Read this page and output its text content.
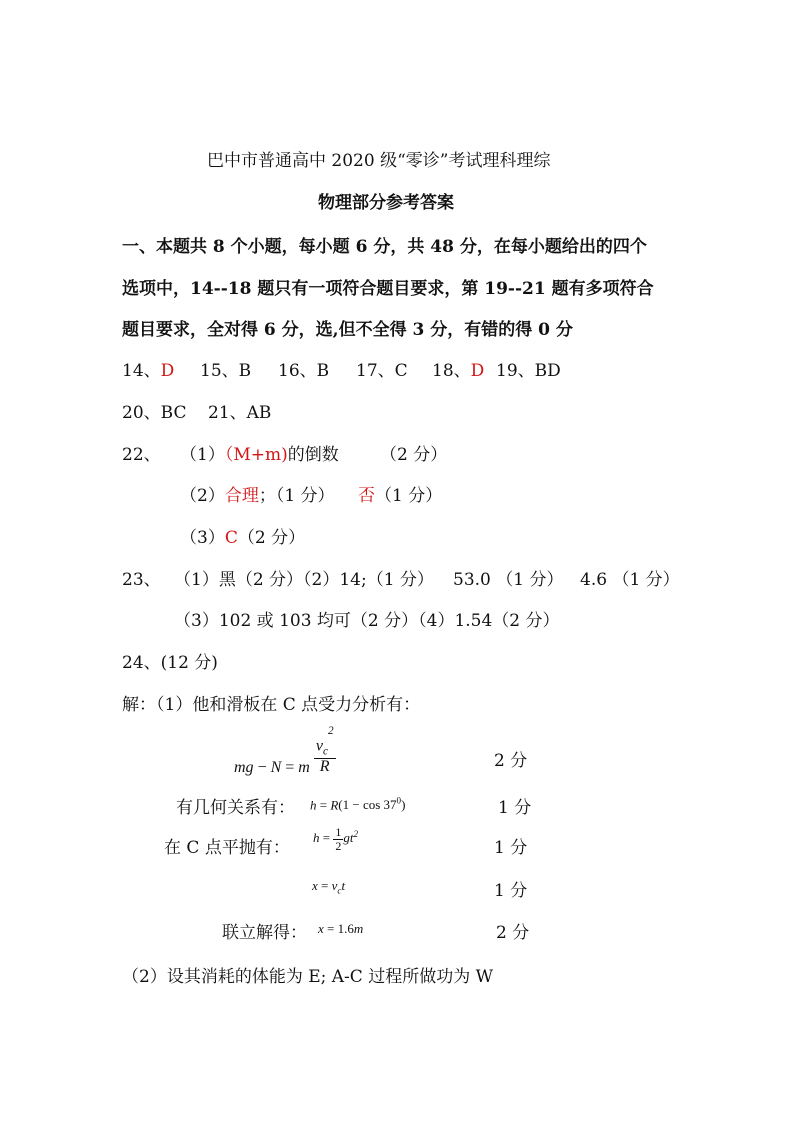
巴中市普通高中 2020 级“零诊”考试理科理综
物理部分参考答案
一、本题共 8 个小题，每小题 6 分，共 48 分，在每小题给出的四个
选项中，14--18 题只有一项符合题目要求，第 19--21 题有多项符合
题目要求，全对得 6 分，选,但不全得 3 分，有错的得 0 分
14、D 15、B 16、B 17、C 18、D 19、BD
20、BC 21、AB
22、 （1）（M+m)的倒数 （2 分）
（2）合理；（1 分） 否（1 分）
（3）C（2 分）
23、 （1）黑（2 分）（2）14;（1 分） 53.0 （1 分） 4.6 （1 分）
（3）102 或 103 均可（2 分）（4）1.54（2 分）
24、(12 分)
解：（1）他和滑板在 C 点受力分析有：
mg − N = m $\frac{v_c^2}{R}$	2 分
有几何关系有： $h = R(1 - \cos 37^0)$	1 分
在 C 点平抛有：
$h = \frac{1}{2} gt^2$
1 分
$x = v_ct$	1 分
联立解得： x = 1.6m	2 分
（2）设其消耗的体能为 E; A-C 过程所做功为 W
